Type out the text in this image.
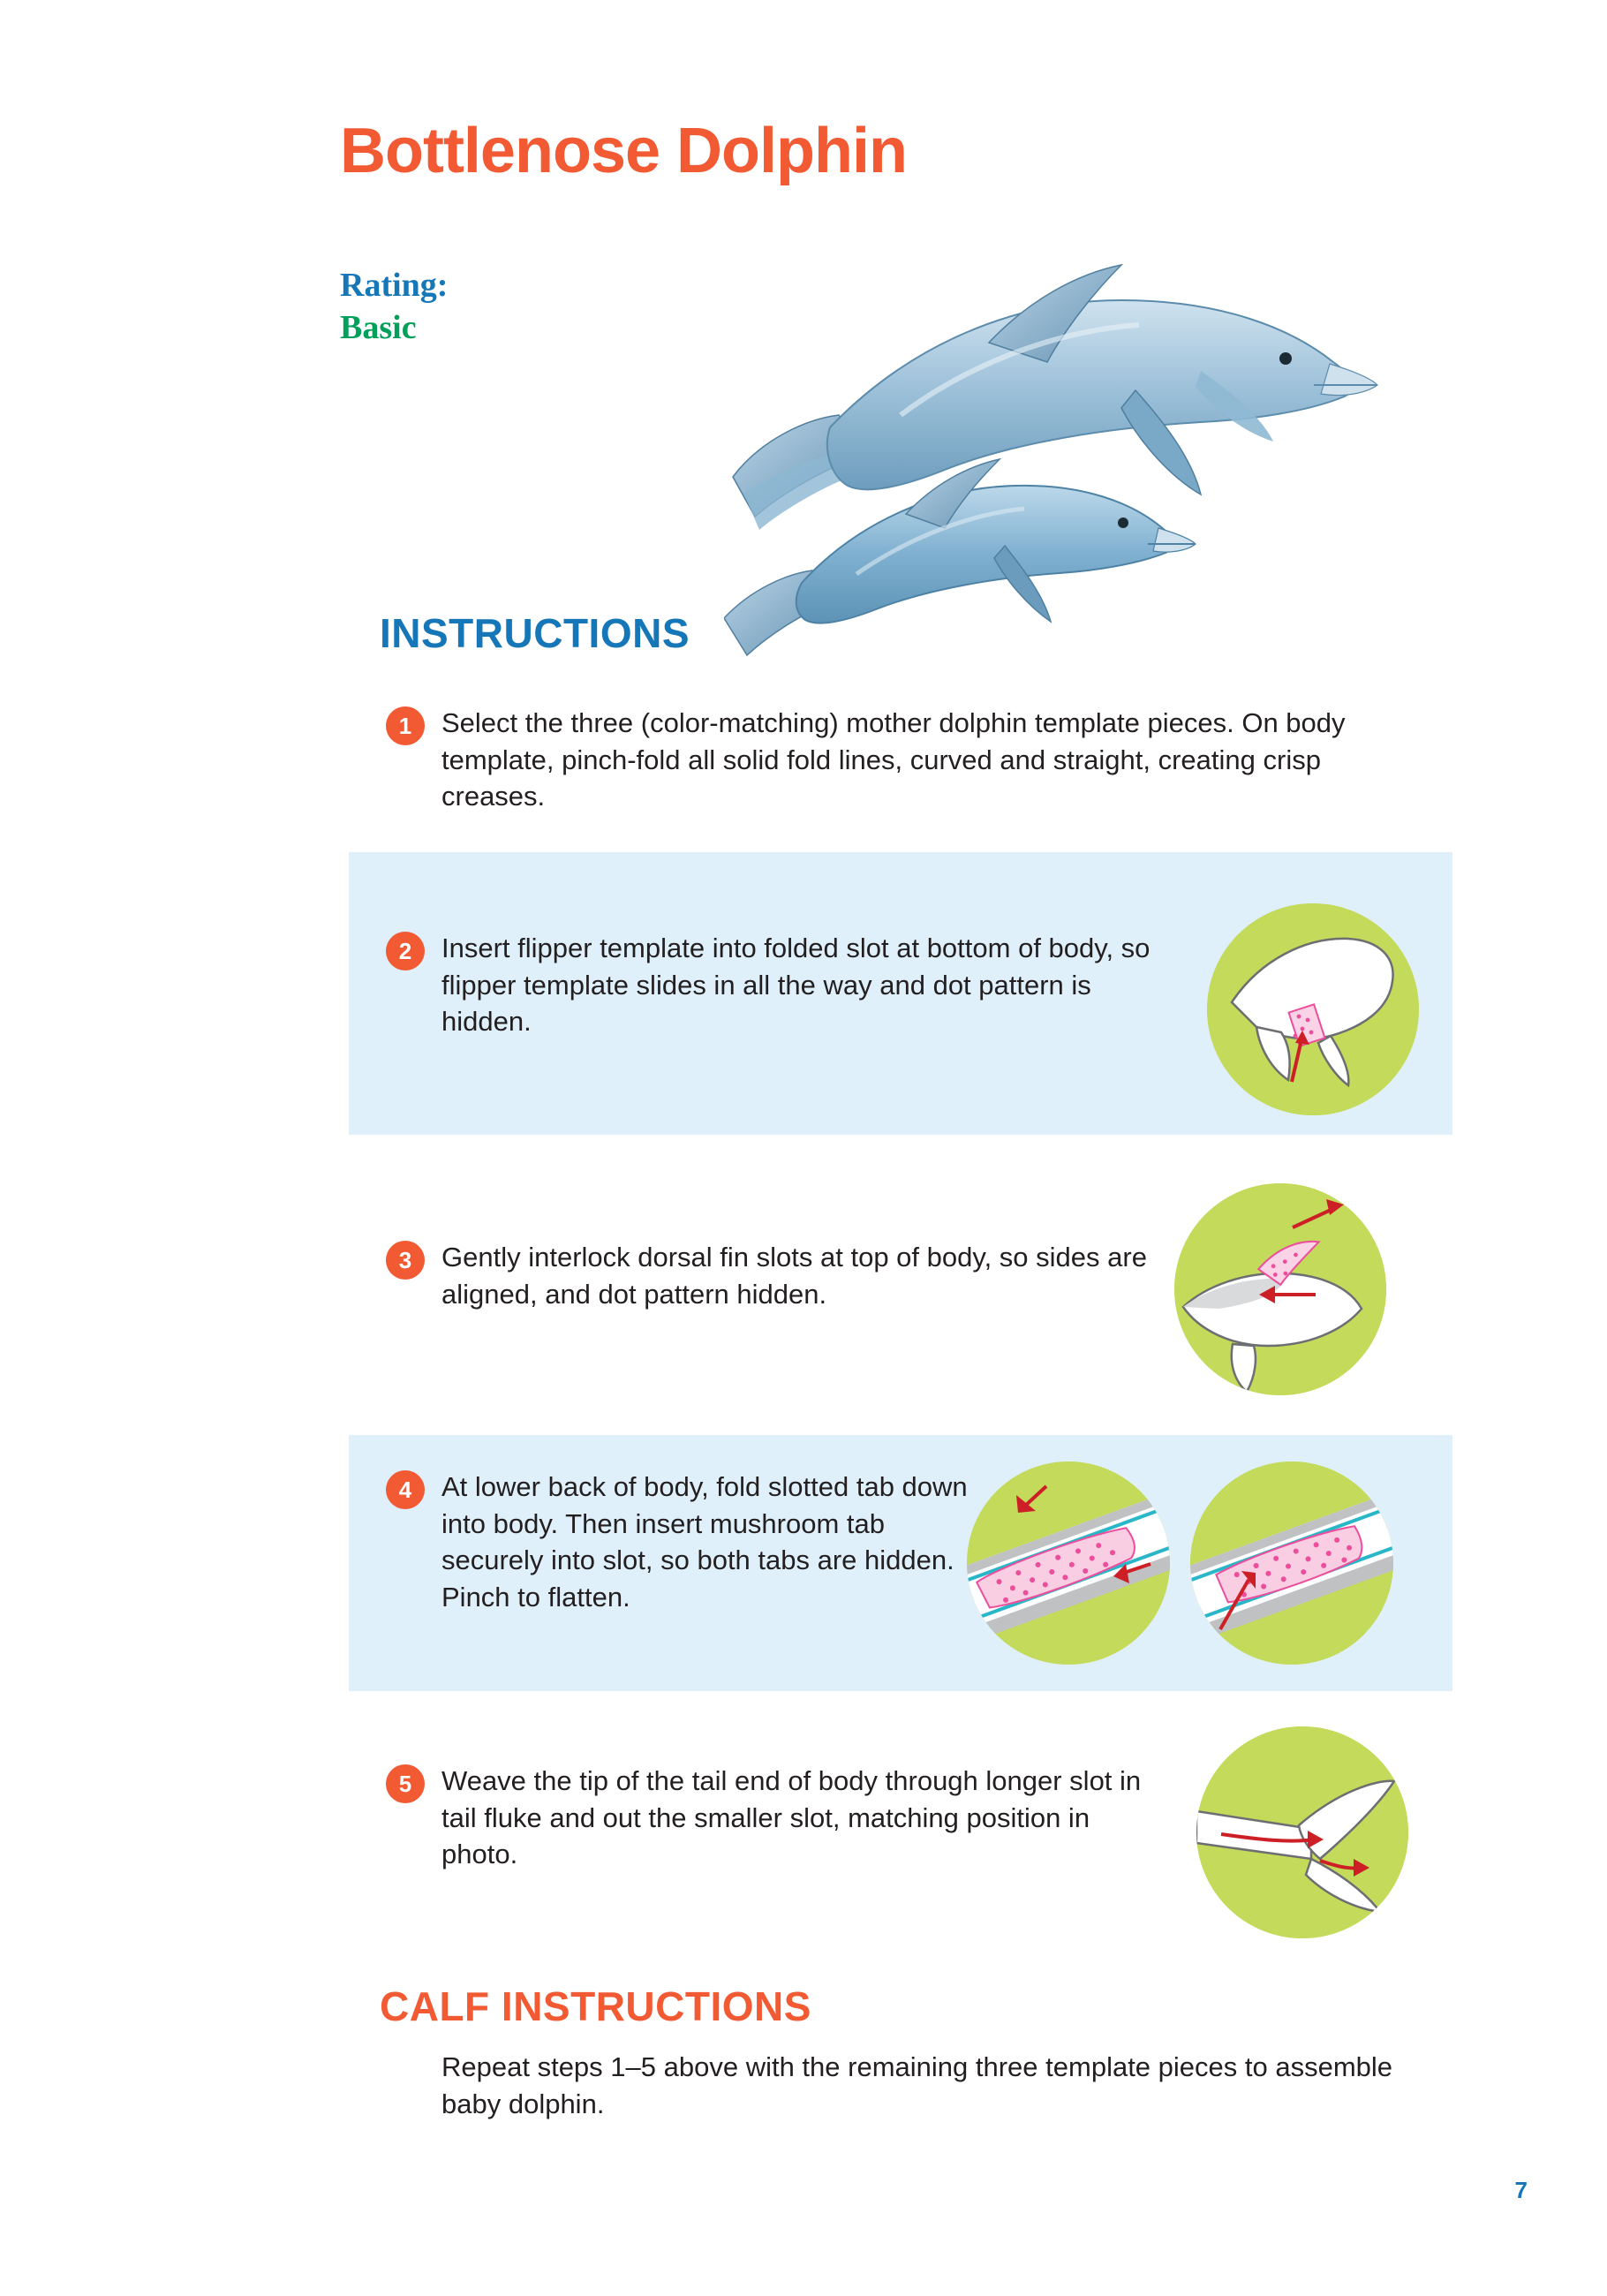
Bottlenose Dolphin
Rating:
Basic
INSTRUCTIONS
1	Select the three (color-matching) mother dolphin template pieces. On body template, pinch-fold all solid fold lines, curved and straight, creating crisp creases.
2	Insert flipper template into folded slot at bottom of body, so flipper template slides in all the way and dot pattern is hidden.
3	Gently interlock dorsal fin slots at top of body, so sides are aligned, and dot pattern hidden.
4	At lower back of body, fold slotted tab down into body. Then insert mushroom tab securely into slot, so both tabs are hidden. Pinch to flatten.
5	Weave the tip of the tail end of body through longer slot in tail fluke and out the smaller slot, matching position in photo.
CALF INSTRUCTIONS
Repeat steps 1–5 above with the remaining three template pieces to assemble baby dolphin.
7
